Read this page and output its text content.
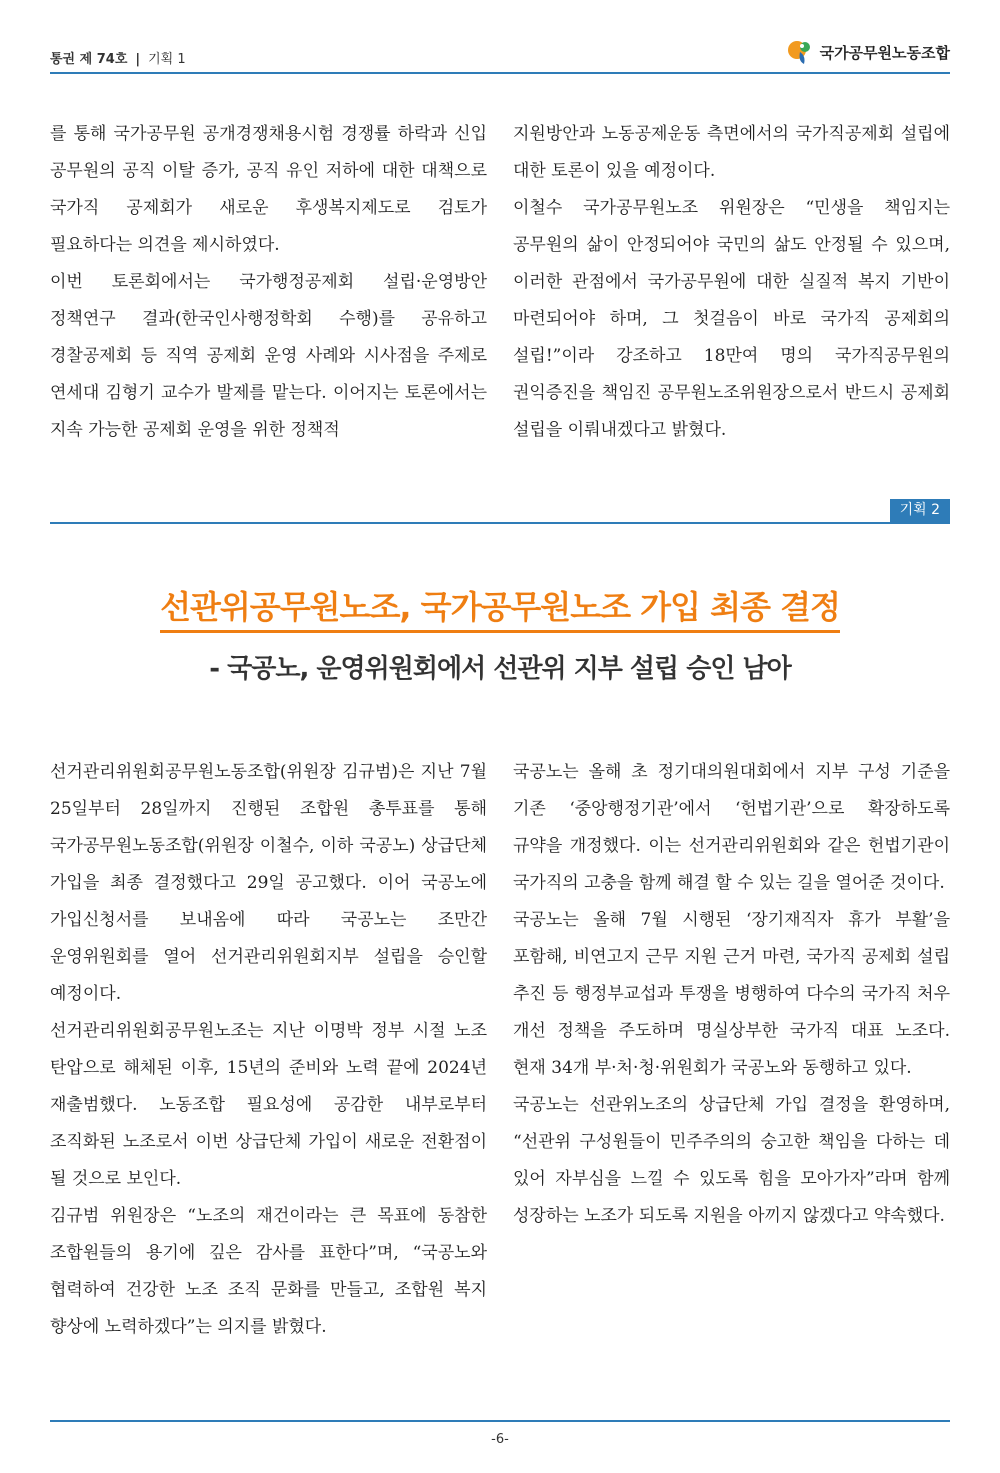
통권 제 74호 | 기획 1	국가공무원노동조합

를 통해 국가공무원 공개경쟁채용시험 경쟁률 하락과 신입 공무원의 공직 이탈 증가, 공직 유인 저하에 대한 대책으로 국가직 공제회가 새로운 후생복지제도로 검토가 필요하다는 의견을 제시하였다.

이번 토론회에서는 국가행정공제회 설립·운영방안 정책연구 결과(한국인사행정학회 수행)를 공유하고 경찰공제회 등 직역 공제회 운영 사례와 시사점을 주제로 연세대 김형기 교수가 발제를 맡는다. 이어지는 토론에서는 지속 가능한 공제회 운영을 위한 정책적

지원방안과 노동공제운동 측면에서의 국가직공제회 설립에 대한 토론이 있을 예정이다.

이철수 국가공무원노조 위원장은 “민생을 책임지는 공무원의 삶이 안정되어야 국민의 삶도 안정될 수 있으며, 이러한 관점에서 국가공무원에 대한 실질적 복지 기반이 마련되어야 하며, 그 첫걸음이 바로 국가직 공제회의 설립!”이라 강조하고 18만여 명의 국가직공무원의 권익증진을 책임진 공무원노조위원장으로서 반드시 공제회 설립을 이뤄내겠다고 밝혔다.

기획 2
선관위공무원노조, 국가공무원노조 가입 최종 결정
- 국공노, 운영위원회에서 선관위 지부 설립 승인 남아

선거관리위원회공무원노동조합(위원장 김규범)은 지난 7월 25일부터 28일까지 진행된 조합원 총투표를 통해 국가공무원노동조합(위원장 이철수, 이하 국공노) 상급단체 가입을 최종 결정했다고 29일 공고했다. 이어 국공노에 가입신청서를 보내옴에 따라 국공노는 조만간 운영위원회를 열어 선거관리위원회지부 설립을 승인할 예정이다.

선거관리위원회공무원노조는 지난 이명박 정부 시절 노조 탄압으로 해체된 이후, 15년의 준비와 노력 끝에 2024년 재출범했다. 노동조합 필요성에 공감한 내부로부터 조직화된 노조로서 이번 상급단체 가입이 새로운 전환점이 될 것으로 보인다.

김규범 위원장은 “노조의 재건이라는 큰 목표에 동참한 조합원들의 용기에 깊은 감사를 표한다”며, “국공노와 협력하여 건강한 노조 조직 문화를 만들고, 조합원 복지 향상에 노력하겠다”는 의지를 밝혔다.

국공노는 올해 초 정기대의원대회에서 지부 구성 기준을 기존 ‘중앙행정기관’에서 ‘헌법기관’으로 확장하도록 규약을 개정했다. 이는 선거관리위원회와 같은 헌법기관이 국가직의 고충을 함께 해결 할 수 있는 길을 열어준 것이다.

국공노는 올해 7월 시행된 ‘장기재직자 휴가 부활’을 포함해, 비연고지 근무 지원 근거 마련, 국가직 공제회 설립 추진 등 행정부교섭과 투쟁을 병행하여 다수의 국가직 처우 개선 정책을 주도하며 명실상부한 국가직 대표 노조다. 현재 34개 부·처·청·위원회가 국공노와 동행하고 있다.

국공노는 선관위노조의 상급단체 가입 결정을 환영하며, “선관위 구성원들이 민주주의의 숭고한 책임을 다하는 데 있어 자부심을 느낄 수 있도록 힘을 모아가자”라며 함께 성장하는 노조가 되도록 지원을 아끼지 않겠다고 약속했다.

-6-
